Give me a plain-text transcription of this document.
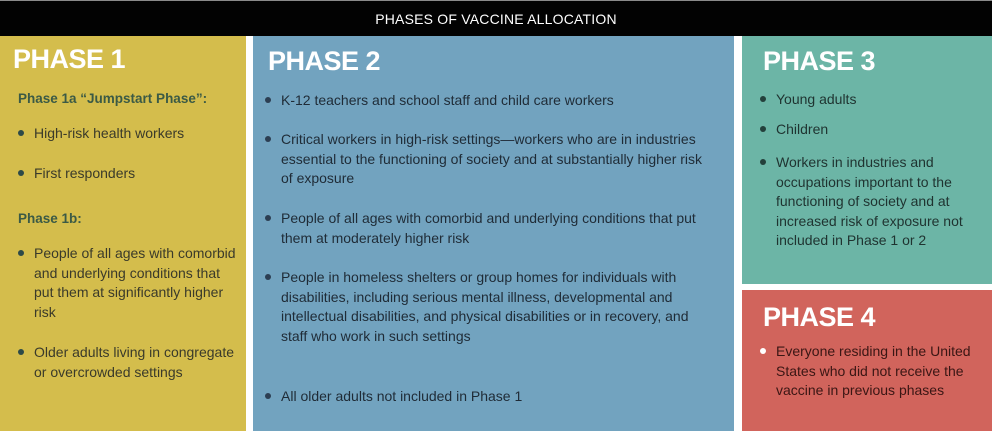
PHASES OF VACCINE ALLOCATION
PHASE 1
Phase 1a “Jumpstart Phase”:
High-risk health workers
First responders
Phase 1b:
People of all ages with comorbid and underlying conditions that put them at significantly higher risk
Older adults living in congregate or overcrowded settings
PHASE 2
K-12 teachers and school staff and child care workers
Critical workers in high-risk settings—workers who are in industries essential to the functioning of society and at substantially higher risk of exposure
People of all ages with comorbid and underlying conditions that put them at moderately higher risk
People in homeless shelters or group homes for individuals with disabilities, including serious mental illness, developmental and intellectual disabilities, and physical disabilities or in recovery, and staff who work in such settings
All older adults not included in Phase 1
PHASE 3
Young adults
Children
Workers in industries and occupations important to the functioning of society and at increased risk of exposure not included in Phase 1 or 2
PHASE 4
Everyone residing in the United States who did not receive the vaccine in previous phases
